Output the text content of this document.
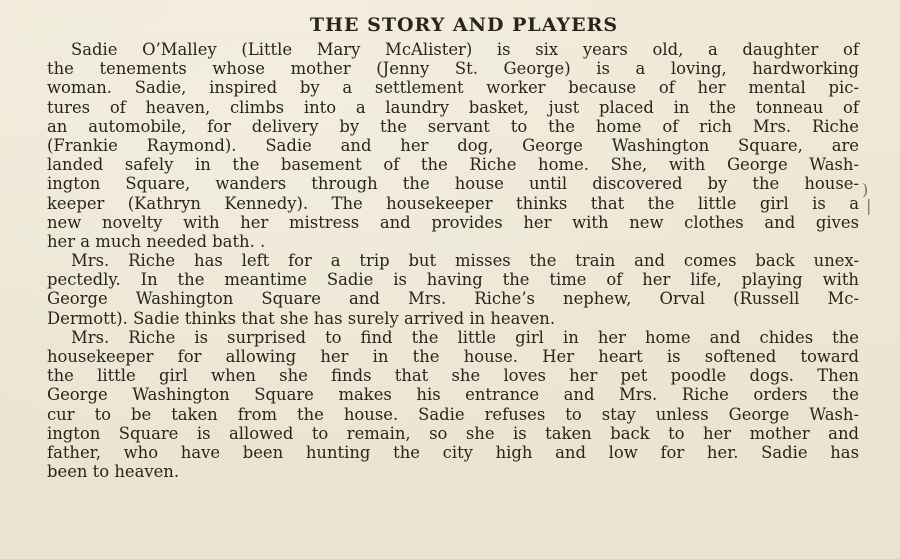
THE STORY AND PLAYERS
Sadie O’Malley (Little Mary McAlister) is six years old, a daughter of
the tenements whose mother (Jenny St. George) is a loving, hardworking
woman. Sadie, inspired by a settlement worker because of her mental pic-
tures of heaven, climbs into a laundry basket, just placed in the tonneau of
an automobile, for delivery by the servant to the home of rich Mrs. Riche
(Frankie Raymond). Sadie and her dog, George Washington Square, are
landed safely in the basement of the Riche home. She, with George Wash-
ington Square, wanders through the house until discovered by the house-
keeper (Kathryn Kennedy). The housekeeper thinks that the little girl is a
new novelty with her mistress and provides her with new clothes and gives
her a much needed bath. .
Mrs. Riche has left for a trip but misses the train and comes back unex-
pectedly. In the meantime Sadie is having the time of her life, playing with
George Washington Square and Mrs. Riche’s nephew, Orval (Russell Mc-
Dermott). Sadie thinks that she has surely arrived in heaven.
Mrs. Riche is surprised to find the little girl in her home and chides the
housekeeper for allowing her in the house. Her heart is softened toward
the little girl when she finds that she loves her pet poodle dogs. Then
George Washington Square makes his entrance and Mrs. Riche orders the
cur to be taken from the house. Sadie refuses to stay unless George Wash-
ington Square is allowed to remain, so she is taken back to her mother and
father, who have been hunting the city high and low for her. Sadie has
been to heaven.
)
|
